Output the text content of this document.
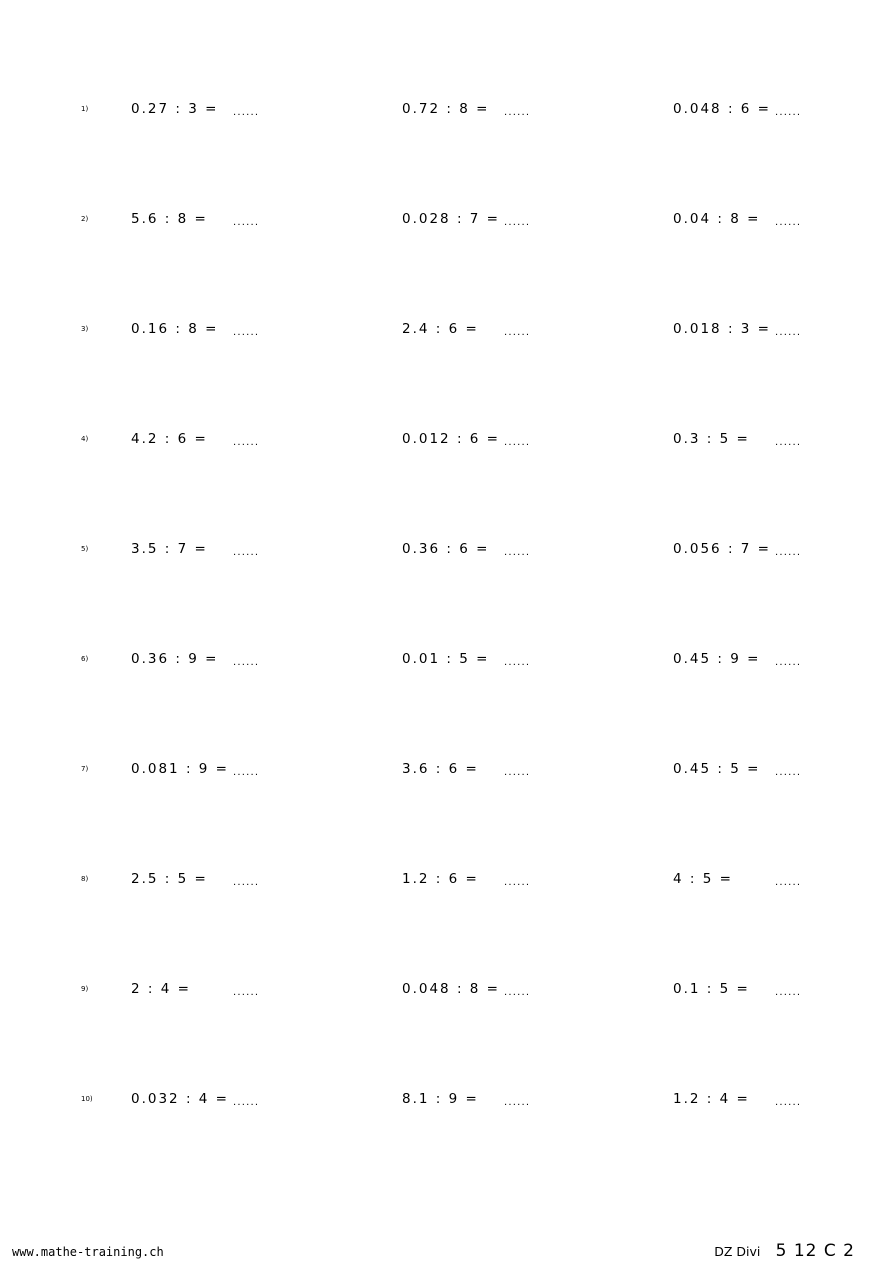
1)	0.27 : 3 = ......	0.72 : 8 = ......	0.048 : 6 = ......
2)	5.6 : 8 =	......	0.028 : 7 = ......	0.04 : 8 = ......
3)	0.16 : 8 = ......	2.4 : 6 =	......	0.018 : 3 = ......
4)	4.2 : 6 =	......	0.012 : 6 = ......	0.3 : 5 =	......
5)	3.5 : 7 =	......	0.36 : 6 = ......	0.056 : 7 = ......
6)	0.36 : 9 = ......	0.01 : 5 = ......	0.45 : 9 = ......
7)	0.081 : 9 = ......	3.6 : 6 =	......	0.45 : 5 = ......
8)	2.5 : 5 =	......	1.2 : 6 =	......	4 : 5 =	......
9)	2 : 4 =	......	0.048 : 8 = ......	0.1 : 5 =	......
10)	0.032 : 4 = ......	8.1 : 9 =	......	1.2 : 4 =	......
www.mathe-training.ch	DZ Divi 5 12 C 2
